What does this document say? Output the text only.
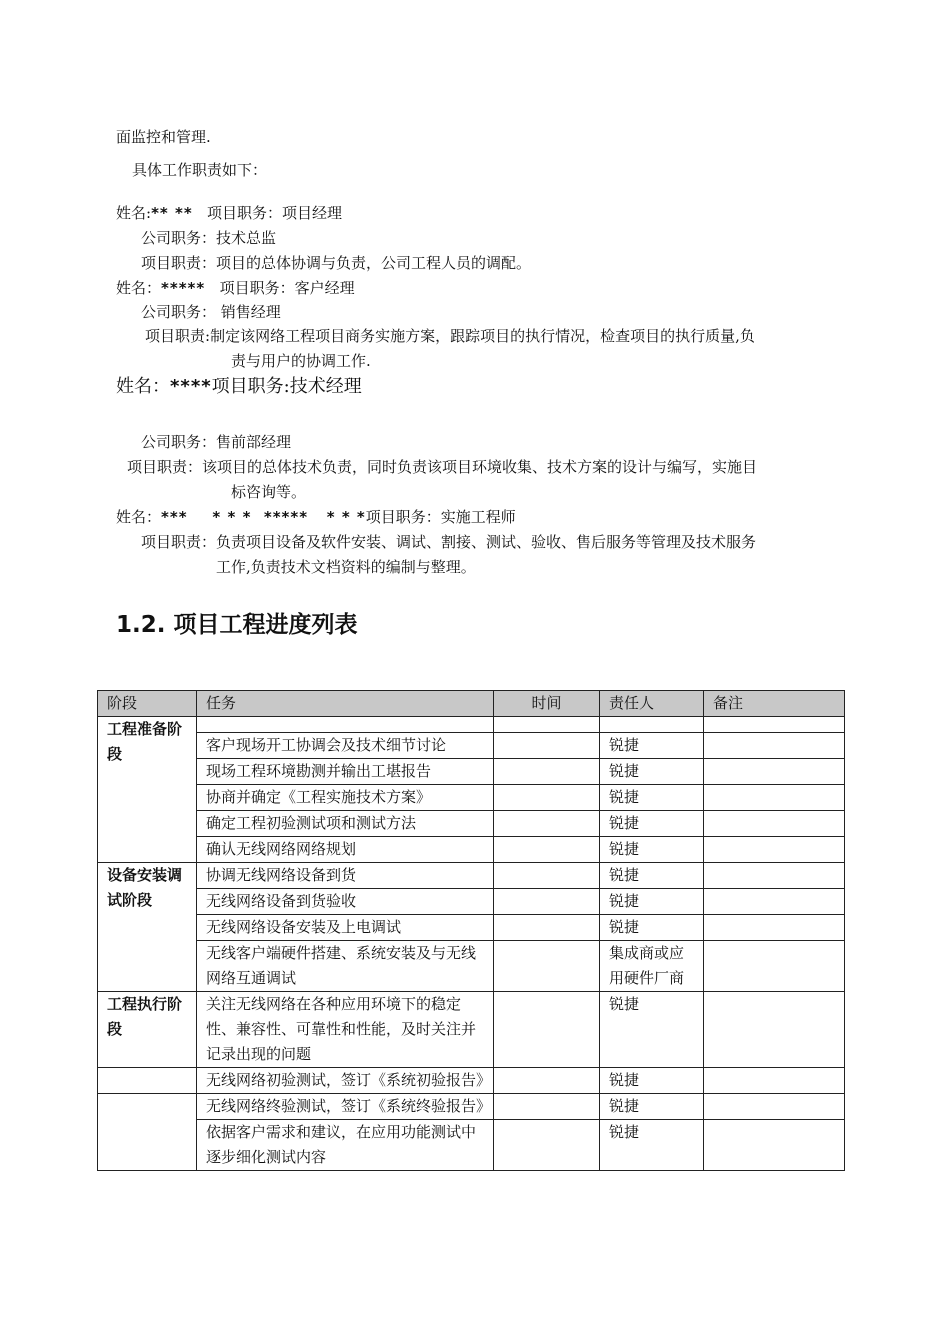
面监控和管理.
具体工作职责如下：
姓名:** ** 项目职务：项目经理
公司职务：技术总监
项目职责：项目的总体协调与负责，公司工程人员的调配。
姓名：***** 项目职务：客户经理
公司职务： 销售经理
项目职责:制定该网络工程项目商务实施方案，跟踪项目的执行情况，检查项目的执行质量,负
责与用户的协调工作.
姓名：****项目职务:技术经理
公司职务：售前部经理
项目职责：该项目的总体技术负责，同时负责该项目环境收集、技术方案的设计与编写，实施目
标咨询等。
姓名：***    * * *  *****   * * *项目职务：实施工程师
项目职责：负责项目设备及软件安装、调试、割接、测试、验收、售后服务等管理及技术服务
工作,负责技术文档资料的编制与整理。
1.2. 项目工程进度列表
阶段	任务	时间	责任人	备注
工程准备阶段				
	客户现场开工协调会及技术细节讨论		锐捷	
	现场工程环境勘测并输出工堪报告		锐捷	
	协商并确定《工程实施技术方案》		锐捷	
	确定工程初验测试项和测试方法		锐捷	
	确认无线网络网络规划		锐捷	
设备安装调试阶段	协调无线网络设备到货		锐捷	
	无线网络设备到货验收		锐捷	
	无线网络设备安装及上电调试		锐捷	
	无线客户端硬件搭建、系统安装及与无线网络互通调试		集成商或应用硬件厂商	
工程执行阶段	关注无线网络在各种应用环境下的稳定性、兼容性、可靠性和性能，及时关注并记录出现的问题		锐捷	
	无线网络初验测试，签订《系统初验报告》		锐捷	
	无线网络终验测试，签订《系统终验报告》		锐捷	
	依据客户需求和建议，在应用功能测试中逐步细化测试内容		锐捷	
